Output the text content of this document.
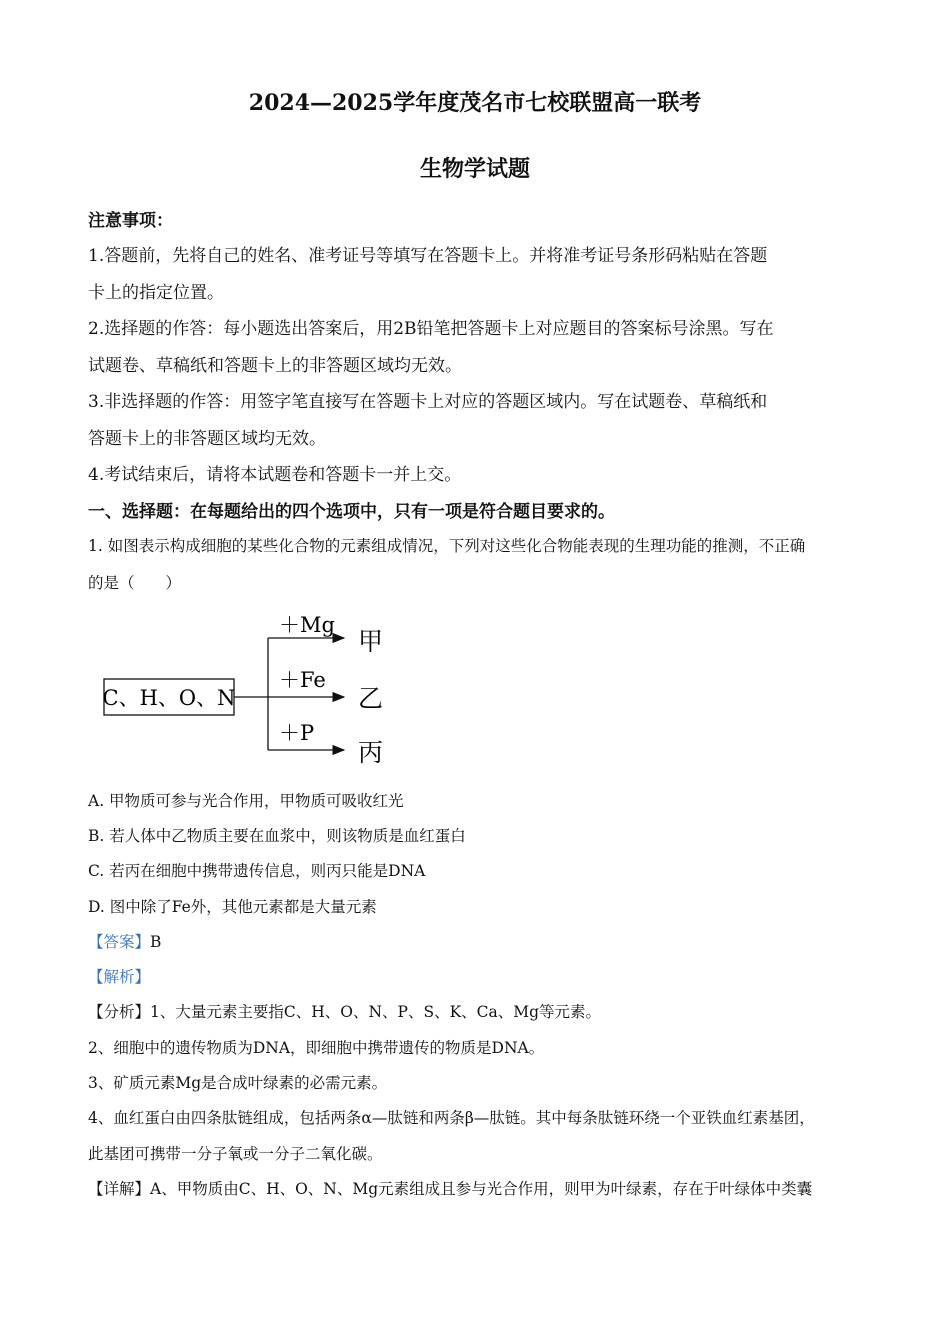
2024—2025学年度茂名市七校联盟高一联考
生物学试题
注意事项：
1.答题前，先将自己的姓名、准考证号等填写在答题卡上。并将准考证号条形码粘贴在答题
卡上的指定位置。
2.选择题的作答：每小题选出答案后，用2B铅笔把答题卡上对应题目的答案标号涂黑。写在
试题卷、草稿纸和答题卡上的非答题区域均无效。
3.非选择题的作答：用签字笔直接写在答题卡上对应的答题区域内。写在试题卷、草稿纸和
答题卡上的非答题区域均无效。
4.考试结束后，请将本试题卷和答题卡一并上交。
一、选择题：在每题给出的四个选项中，只有一项是符合题目要求的。
1. 如图表示构成细胞的某些化合物的元素组成情况，下列对这些化合物能表现的生理功能的推测，不正确
的是（　　）
C、H、O、N
＋Mg
＋Fe
＋P
甲
乙
丙
A. 甲物质可参与光合作用，甲物质可吸收红光
B. 若人体中乙物质主要在血浆中，则该物质是血红蛋白
C. 若丙在细胞中携带遗传信息，则丙只能是DNA
D. 图中除了Fe外，其他元素都是大量元素
【答案】B
【解析】
【分析】1、大量元素主要指C、H、O、N、P、S、K、Ca、Mg等元素。
2、细胞中的遗传物质为DNA，即细胞中携带遗传的物质是DNA。
3、矿质元素Mg是合成叶绿素的必需元素。
4、血红蛋白由四条肽链组成，包括两条α—肽链和两条β—肽链。其中每条肽链环绕一个亚铁血红素基团，
此基团可携带一分子氧或一分子二氧化碳。
【详解】A、甲物质由C、H、O、N、Mg元素组成且参与光合作用，则甲为叶绿素，存在于叶绿体中类囊
